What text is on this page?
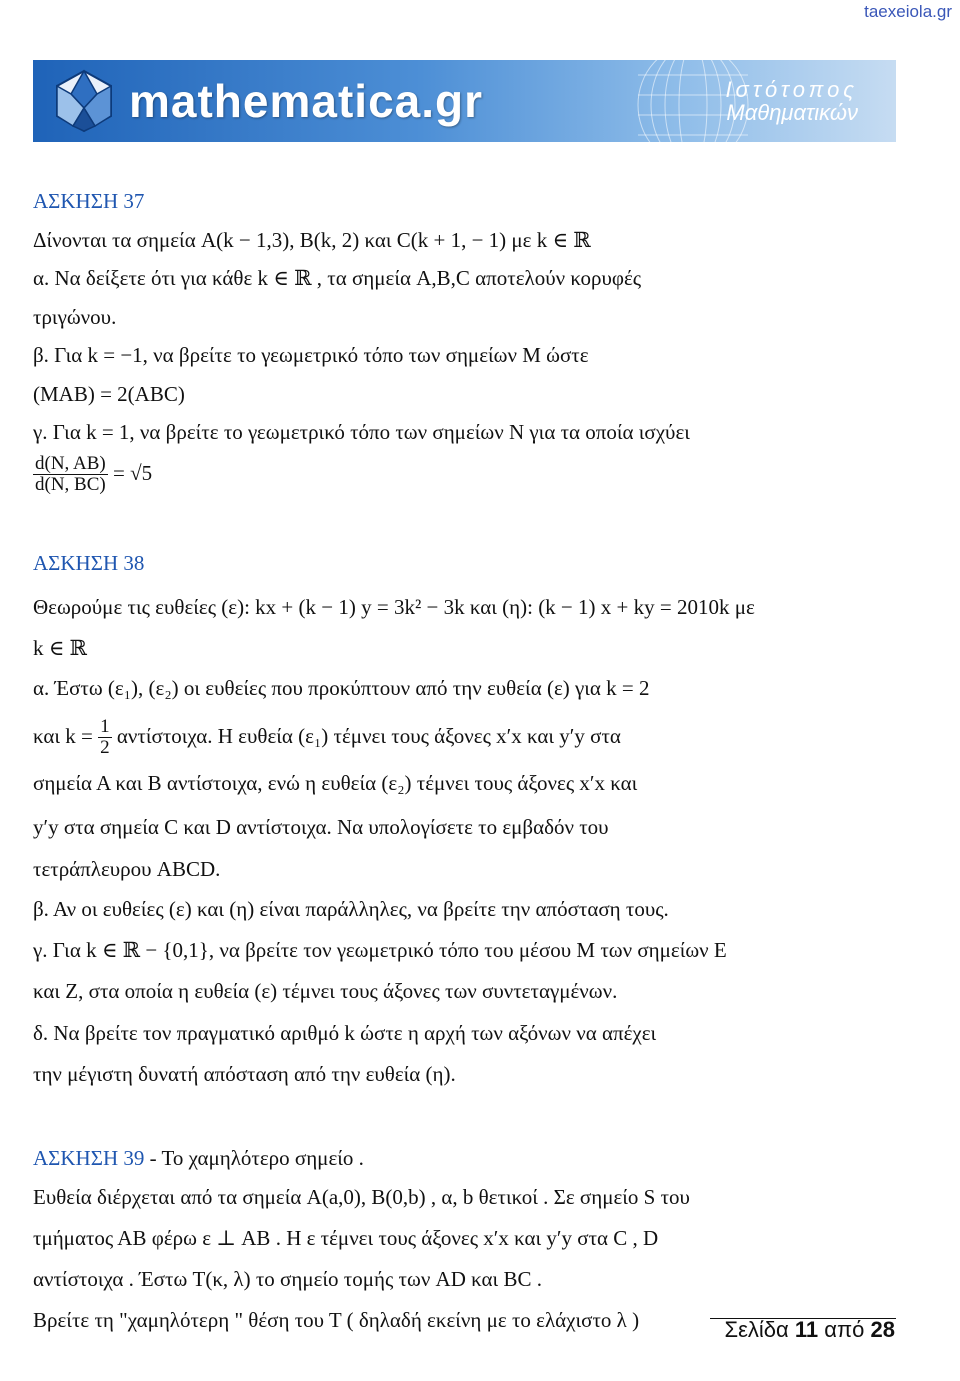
taexeiola.gr
mathematica.gr	Ιστότοπος
Μαθηματικών
ΑΣΚΗΣΗ 37
Δίνονται τα σημεία A(k − 1,3), B(k, 2) και C(k + 1, − 1) με k ∈ ℝ
α. Να δείξετε ότι για κάθε k ∈ ℝ , τα σημεία A,B,C αποτελούν κορυφές
τριγώνου.
β. Για k = −1, να βρείτε το γεωμετρικό τόπο των σημείων M ώστε
(MAB) = 2(ABC)
γ. Για k = 1, να βρείτε το γεωμετρικό τόπο των σημείων N για τα οποία ισχύει
$\frac{d(N, AB)}{d(N, BC)} = √5$
ΑΣΚΗΣΗ 38
Θεωρούμε τις ευθείες (ε): kx + (k − 1) y = 3k² − 3k και (η): (k − 1) x + ky = 2010k με
k ∈ ℝ
α. Έστω (ε₁), (ε₂) οι ευθείες που προκύπτουν από την ευθεία (ε) για k = 2
και $k = \frac{1}{2} \alpha\nu\tau ί\sigma\tau o\iota\chi\alpha$. Η ευθεία (ε₁) τέμνει τους άξονες x′x και y′y στα
σημεία Α και Β αντίστοιχα, ενώ η ευθεία (ε₂) τέμνει τους άξονες x′x και
y′y στα σημεία C και D αντίστοιχα. Να υπολογίσετε το εμβαδόν του
τετράπλευρου ABCD.
β. Αν οι ευθείες (ε) και (η) είναι παράλληλες, να βρείτε την απόσταση τους.
γ. Για k ∈ ℝ − {0,1}, να βρείτε τον γεωμετρικό τόπο του μέσου Μ των σημείων Ε
και Ζ, στα οποία η ευθεία (ε) τέμνει τους άξονες των συντεταγμένων.
δ. Να βρείτε τον πραγματικό αριθμό k ώστε η αρχή των αξόνων να απέχει
την μέγιστη δυνατή απόσταση από την ευθεία (η).
ΑΣΚΗΣΗ 39 - Το χαμηλότερο σημείο .
Ευθεία διέρχεται από τα σημεία A(a,0), B(0,b) , α, b θετικοί . Σε σημείο S του
τμήματος ΑΒ φέρω ε ⊥ AB . Η ε τέμνει τους άξονες x′x και y′y στα C , D
αντίστοιχα . Έστω T(κ, λ) το σημείο τομής των AD και BC .
Βρείτε τη "χαμηλότερη " θέση του Τ ( δηλαδή εκείνη με το ελάχιστο λ )	Σελίδα 11 από 28
